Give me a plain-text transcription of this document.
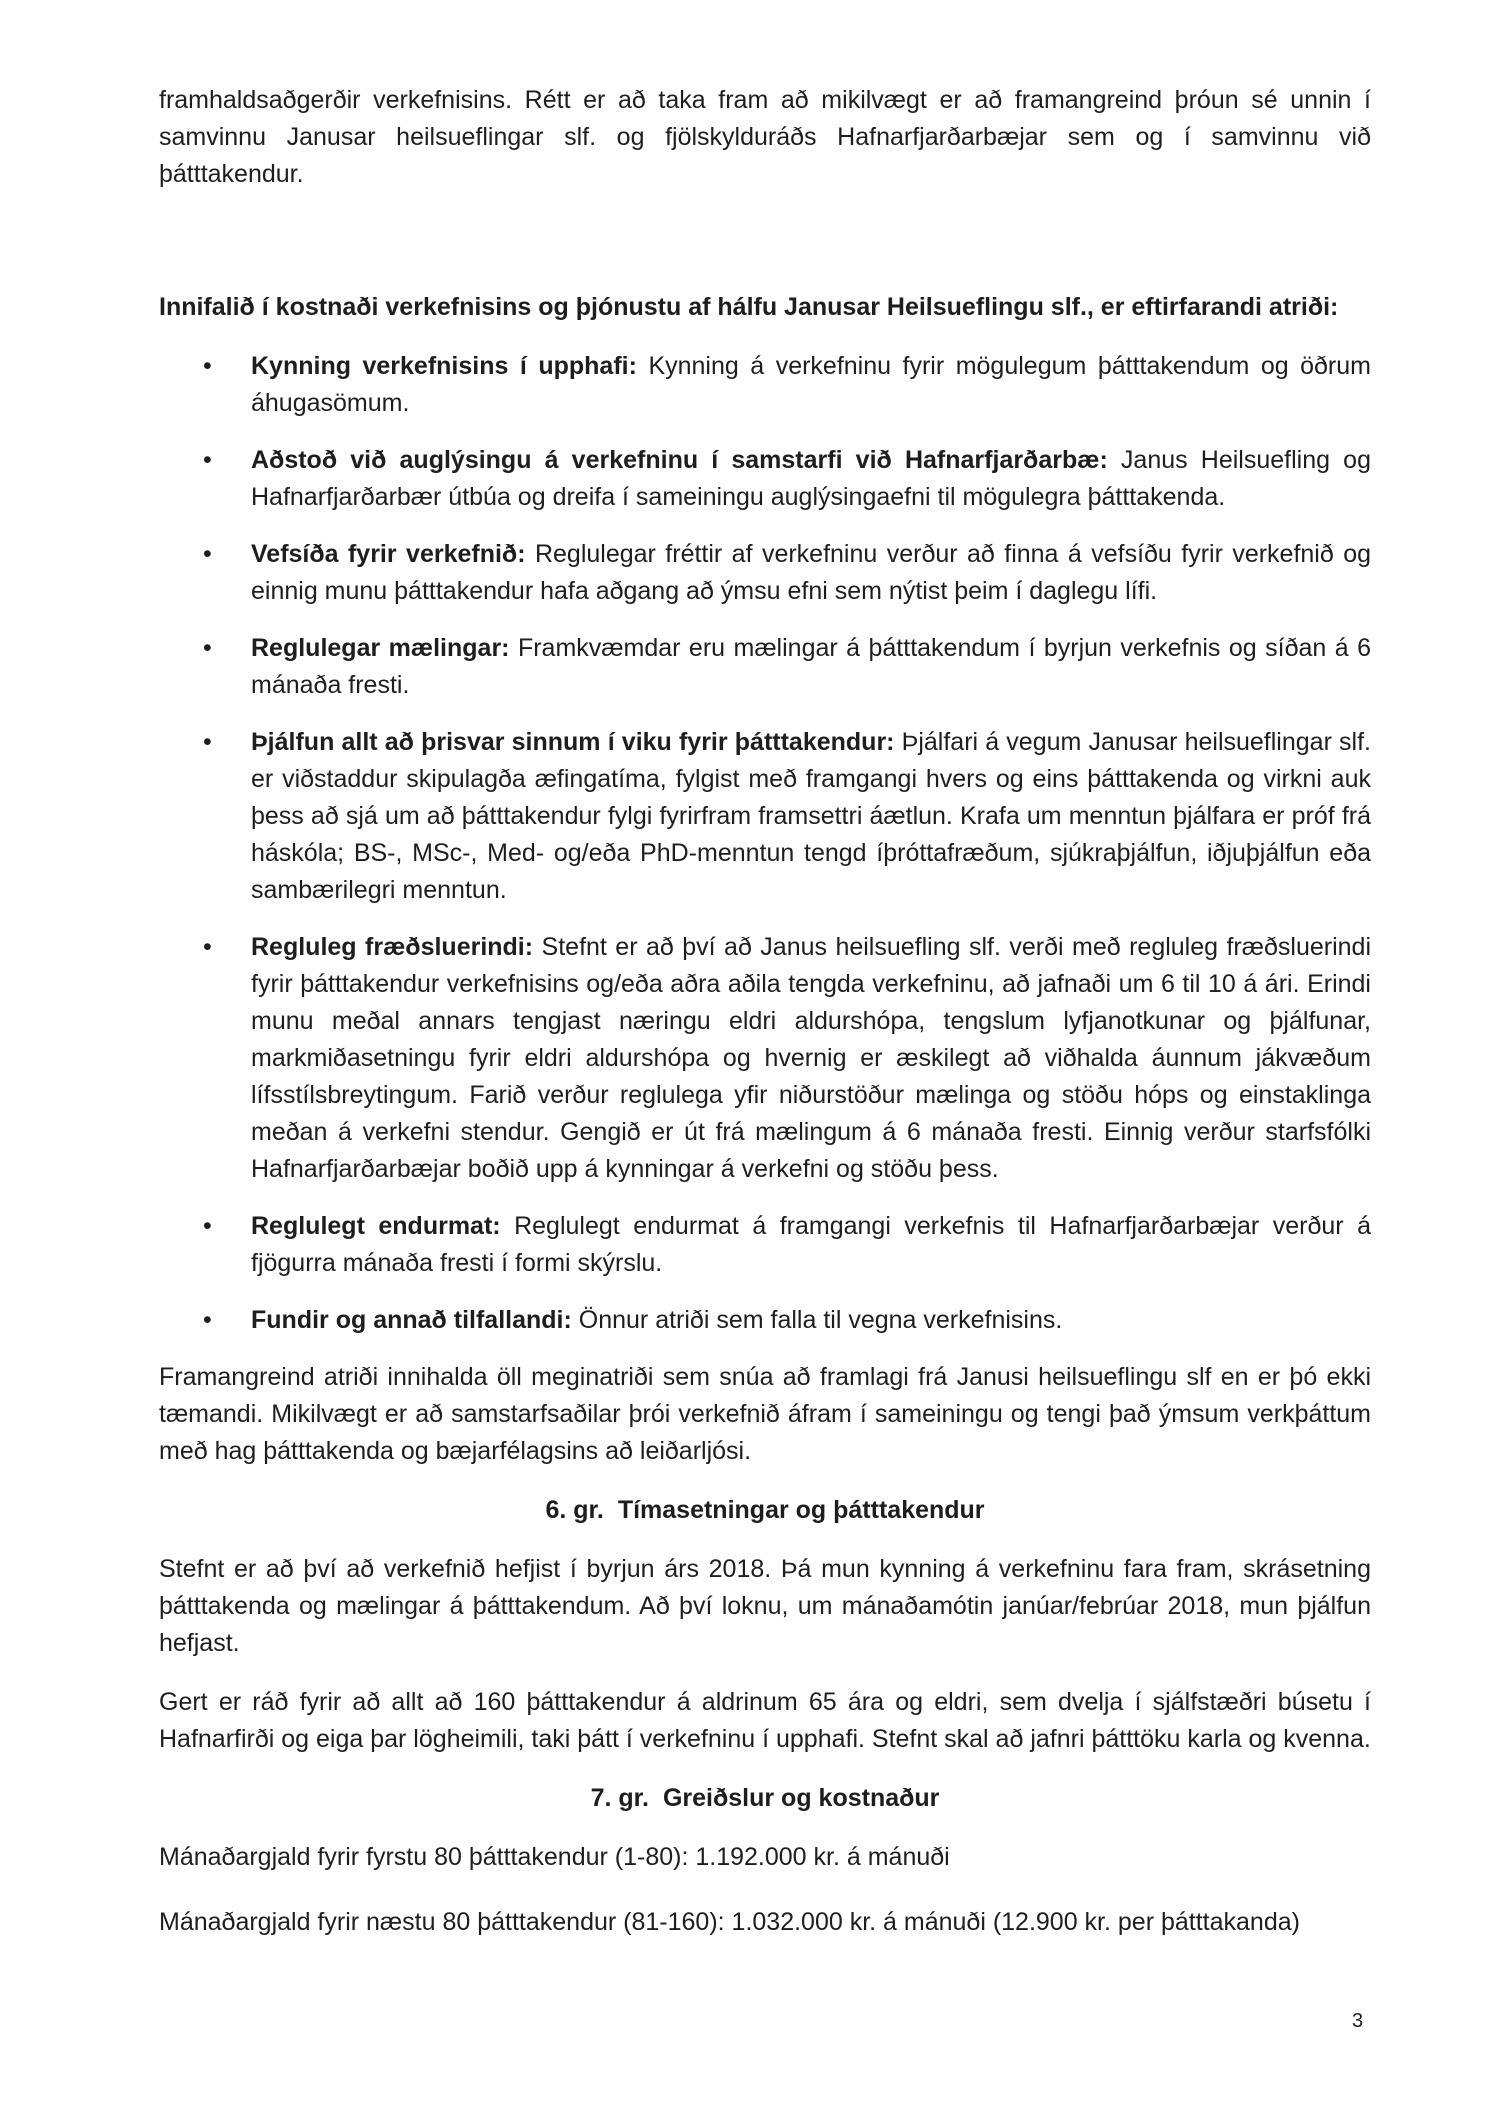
framhaldsaðgerðir verkefnisins. Rétt er að taka fram að mikilvægt er að framangreind þróun sé unnin í samvinnu Janusar heilsueflingar slf. og fjölskylduráðs Hafnarfjarðarbæjar sem og í samvinnu við þátttakendur.

Innifalið í kostnaði verkefnisins og þjónustu af hálfu Janusar Heilsueflingu slf., er eftirfarandi atriði:

• Kynning verkefnisins í upphafi: Kynning á verkefninu fyrir mögulegum þátttakendum og öðrum áhugasömum.
• Aðstoð við auglýsingu á verkefninu í samstarfi við Hafnarfjarðarbæ: Janus Heilsuefling og Hafnarfjarðarbær útbúa og dreifa í sameiningu auglýsingaefni til mögulegra þátttakenda.
• Vefsíða fyrir verkefnið: Reglulegar fréttir af verkefninu verður að finna á vefsíðu fyrir verkefnið og einnig munu þátttakendur hafa aðgang að ýmsu efni sem nýtist þeim í daglegu lífi.
• Reglulegar mælingar: Framkvæmdar eru mælingar á þátttakendum í byrjun verkefnis og síðan á 6 mánaða fresti.
• Þjálfun allt að þrisvar sinnum í viku fyrir þátttakendur: Þjálfari á vegum Janusar heilsueflingar slf. er viðstaddur skipulagða æfingatíma, fylgist með framgangi hvers og eins þátttakenda og virkni auk þess að sjá um að þátttakendur fylgi fyrirfram framsettri áætlun. Krafa um menntun þjálfara er próf frá háskóla; BS-, MSc-, Med- og/eða PhD-menntun tengd íþróttafræðum, sjúkraþjálfun, iðjuþjálfun eða sambærilegri menntun.
• Regluleg fræðsluerindi: Stefnt er að því að Janus heilsuefling slf. verði með regluleg fræðsluerindi fyrir þátttakendur verkefnisins og/eða aðra aðila tengda verkefninu, að jafnaði um 6 til 10 á ári. Erindi munu meðal annars tengjast næringu eldri aldurshópa, tengslum lyfjanotkunar og þjálfunar, markmiðasetningu fyrir eldri aldurshópa og hvernig er æskilegt að viðhalda áunnum jákvæðum lífsstílsbreytingum. Farið verður reglulega yfir niðurstöður mælinga og stöðu hóps og einstaklinga meðan á verkefni stendur. Gengið er út frá mælingum á 6 mánaða fresti. Einnig verður starfsfólki Hafnarfjarðarbæjar boðið upp á kynningar á verkefni og stöðu þess.
• Reglulegt endurmat: Reglulegt endurmat á framgangi verkefnis til Hafnarfjarðarbæjar verður á fjögurra mánaða fresti í formi skýrslu.
• Fundir og annað tilfallandi: Önnur atriði sem falla til vegna verkefnisins.

Framangreind atriði innihalda öll meginatriði sem snúa að framlagi frá Janusi heilsueflingu slf en er þó ekki tæmandi. Mikilvægt er að samstarfsaðilar þrói verkefnið áfram í sameiningu og tengi það ýmsum verkþáttum með hag þátttakenda og bæjarfélagsins að leiðarljósi.

6. gr. Tímasetningar og þátttakendur

Stefnt er að því að verkefnið hefjist í byrjun árs 2018. Þá mun kynning á verkefninu fara fram, skrásetning þátttakenda og mælingar á þátttakendum. Að því loknu, um mánaðamótin janúar/febrúar 2018, mun þjálfun hefjast.

Gert er ráð fyrir að allt að 160 þátttakendur á aldrinum 65 ára og eldri, sem dvelja í sjálfstæðri búsetu í Hafnarfirði og eiga þar lögheimili, taki þátt í verkefninu í upphafi. Stefnt skal að jafnri þátttöku karla og kvenna.

7. gr. Greiðslur og kostnaður

Mánaðargjald fyrir fyrstu 80 þátttakendur (1-80): 1.192.000 kr. á mánuði

Mánaðargjald fyrir næstu 80 þátttakendur (81-160): 1.032.000 kr. á mánuði (12.900 kr. per þátttakanda)

3
